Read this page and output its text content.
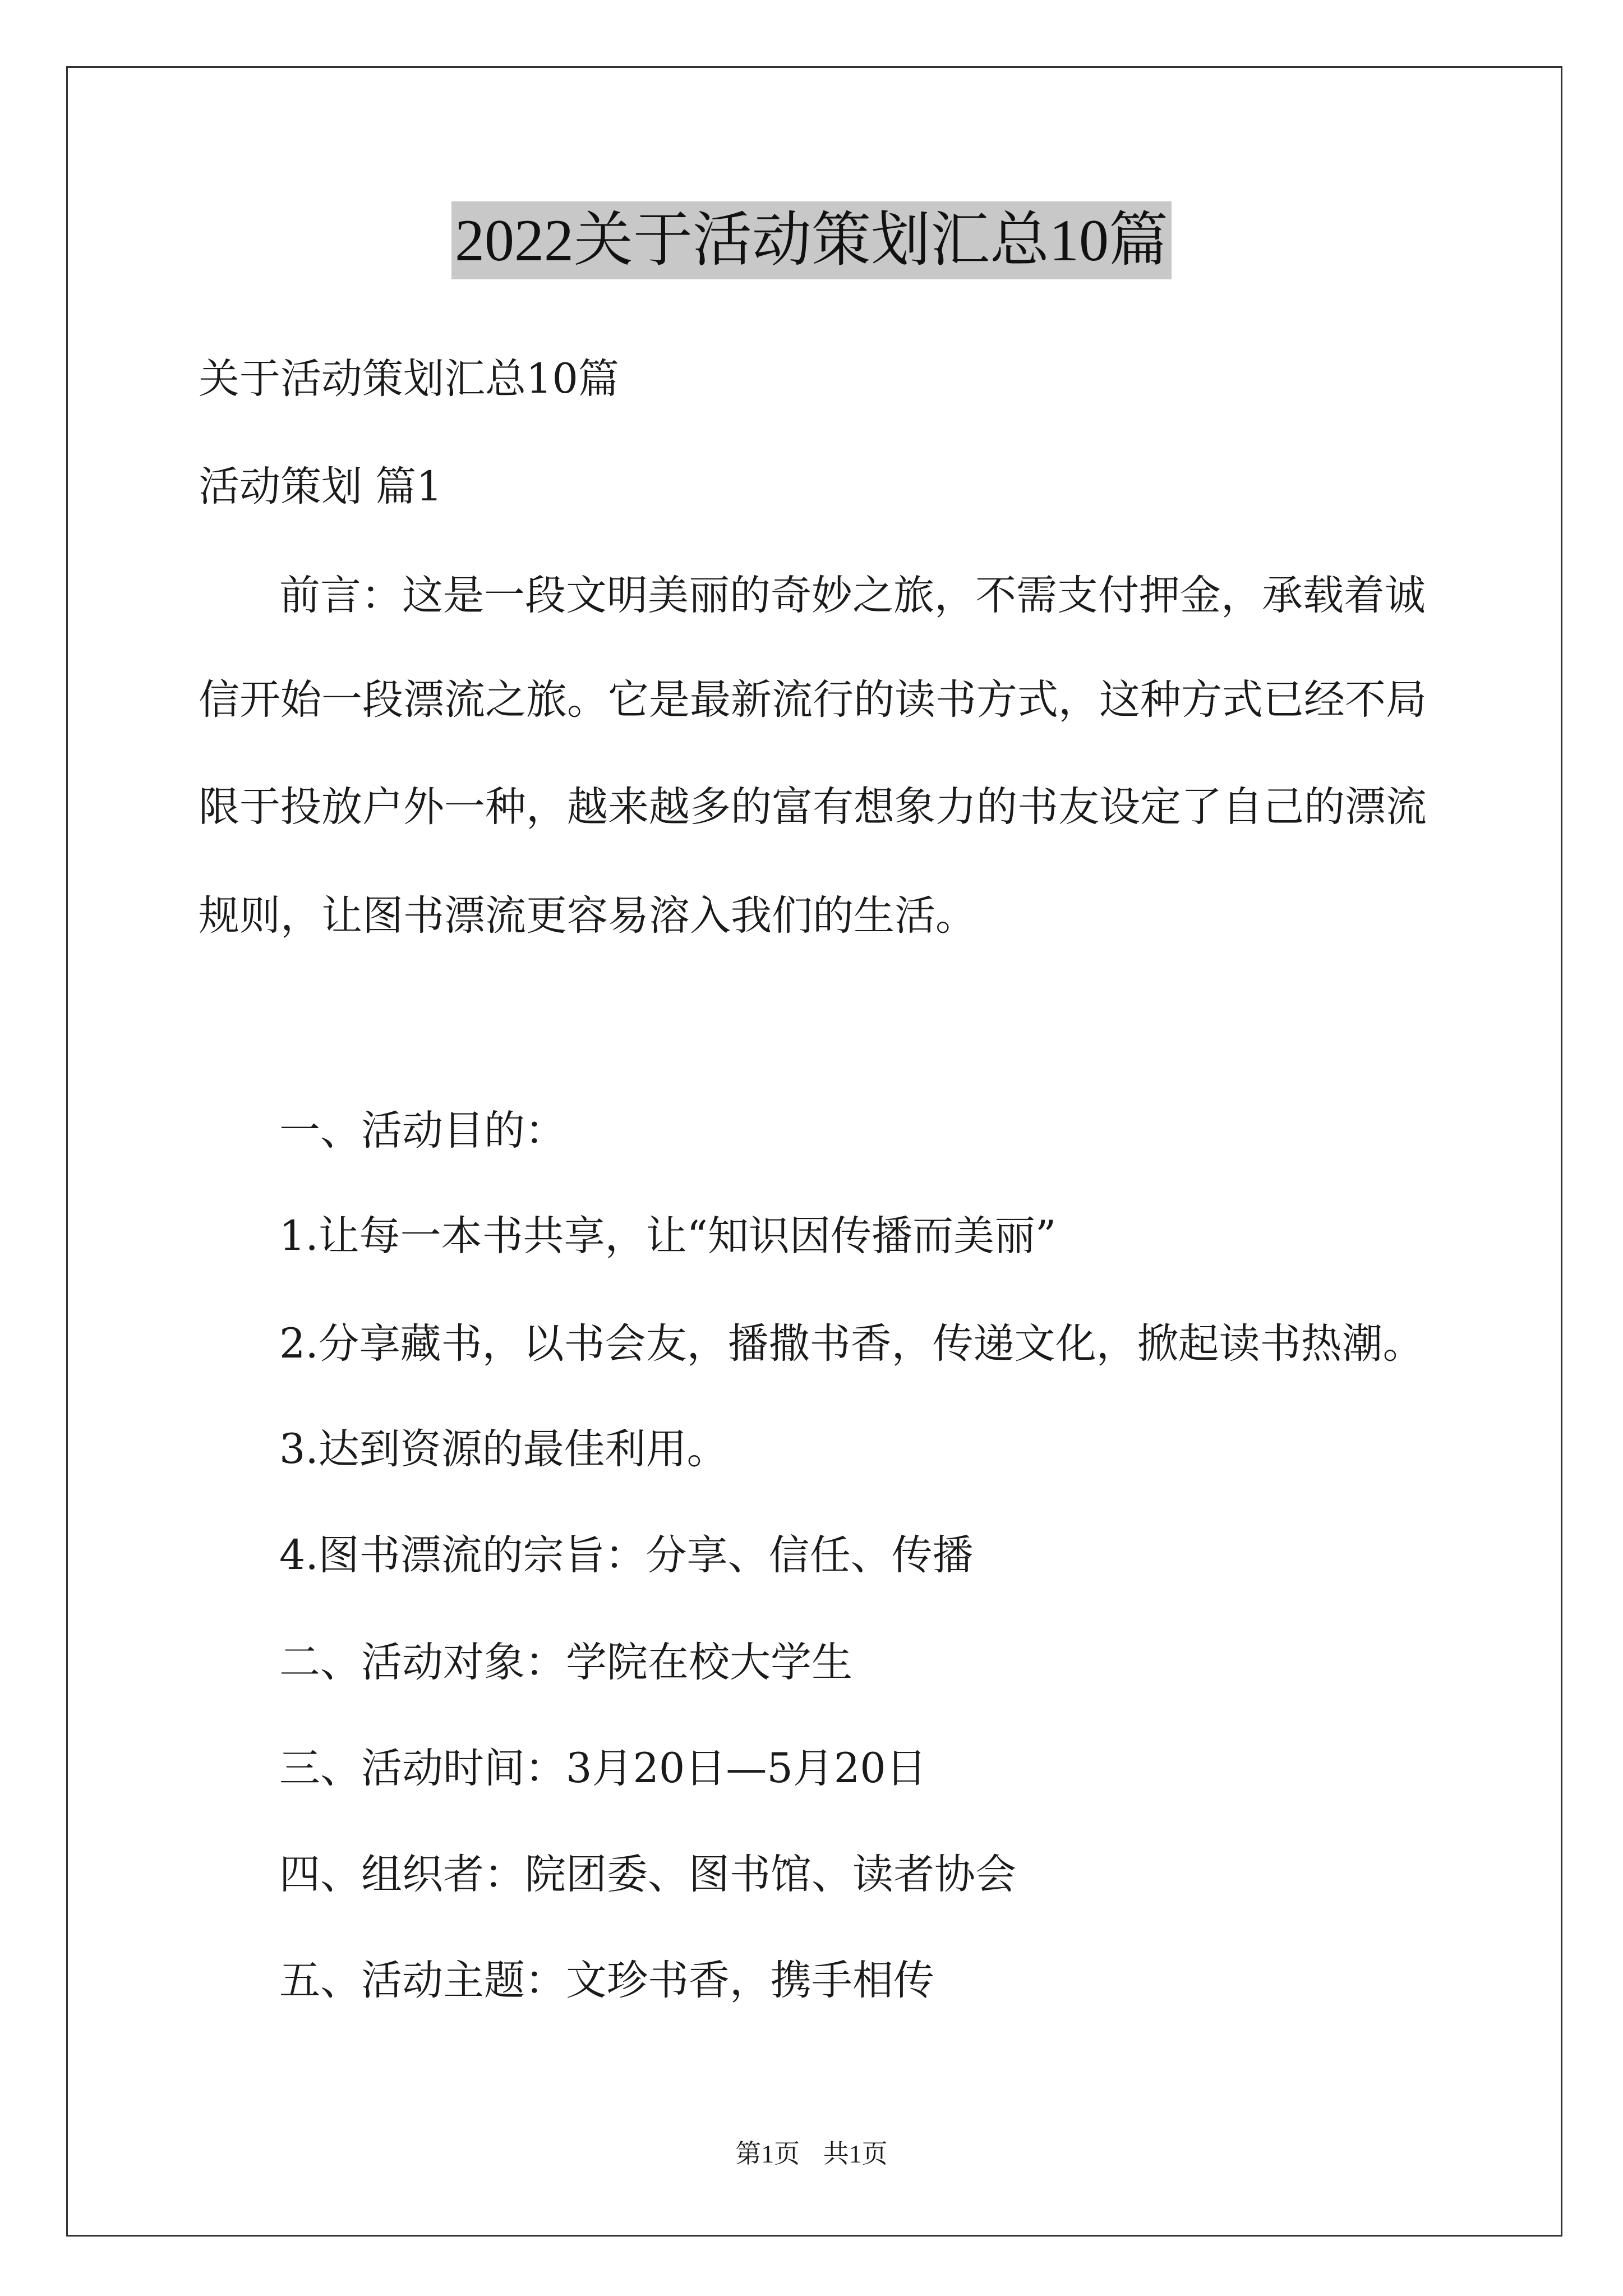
2022关于活动策划汇总10篇
关于活动策划汇总10篇
活动策划 篇1
前言：这是一段文明美丽的奇妙之旅，不需支付押金，承载着诚
信开始一段漂流之旅。它是最新流行的读书方式，这种方式已经不局
限于投放户外一种，越来越多的富有想象力的书友设定了自己的漂流
规则，让图书漂流更容易溶入我们的生活。
一、活动目的：
1.让每一本书共享，让“知识因传播而美丽”
2.分享藏书，以书会友，播撒书香，传递文化，掀起读书热潮。
3.达到资源的最佳利用。
4.图书漂流的宗旨：分享、信任、传播
二、活动对象：学院在校大学生
三、活动时间：3月20日—5月20日
四、组织者：院团委、图书馆、读者协会
五、活动主题：文珍书香，携手相传
第1页 共1页
